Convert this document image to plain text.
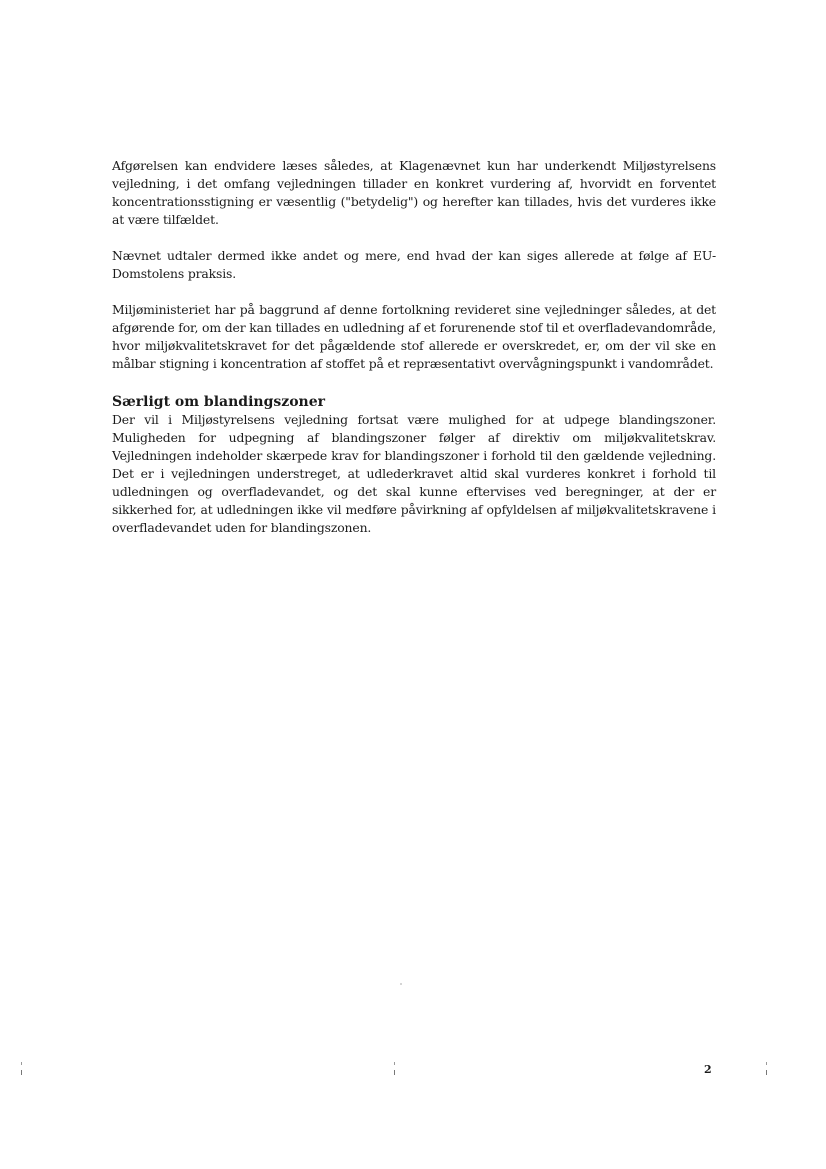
Afgørelsen kan endvidere læses således, at Klagenævnet kun har underkendt Miljøstyrelsens vejledning, i det omfang vejledningen tillader en konkret vurdering af, hvorvidt en forventet koncentrationsstigning er væsentlig ("betydelig") og herefter kan tillades, hvis det vurderes ikke at være tilfældet.

Nævnet udtaler dermed ikke andet og mere, end hvad der kan siges allerede at følge af EU-Domstolens praksis.

Miljøministeriet har på baggrund af denne fortolkning revideret sine vejledninger således, at det afgørende for, om der kan tillades en udledning af et forurenende stof til et overfladevandområde, hvor miljøkvalitetskravet for det pågældende stof allerede er overskredet, er, om der vil ske en målbar stigning i koncentration af stoffet på et repræsentativt overvågningspunkt i vandområdet.

Særligt om blandingszoner

Der vil i Miljøstyrelsens vejledning fortsat være mulighed for at udpege blandingszoner. Muligheden for udpegning af blandingszoner følger af direktiv om miljøkvalitetskrav. Vejledningen indeholder skærpede krav for blandingszoner i forhold til den gældende vejledning. Det er i vejledningen understreget, at udlederkravet altid skal vurderes konkret i forhold til udledningen og overfladevandet, og det skal kunne eftervises ved beregninger, at der er sikkerhed for, at udledningen ikke vil medføre påvirkning af opfyldelsen af miljøkvalitetskravene i overfladevandet uden for blandingszonen.

2
